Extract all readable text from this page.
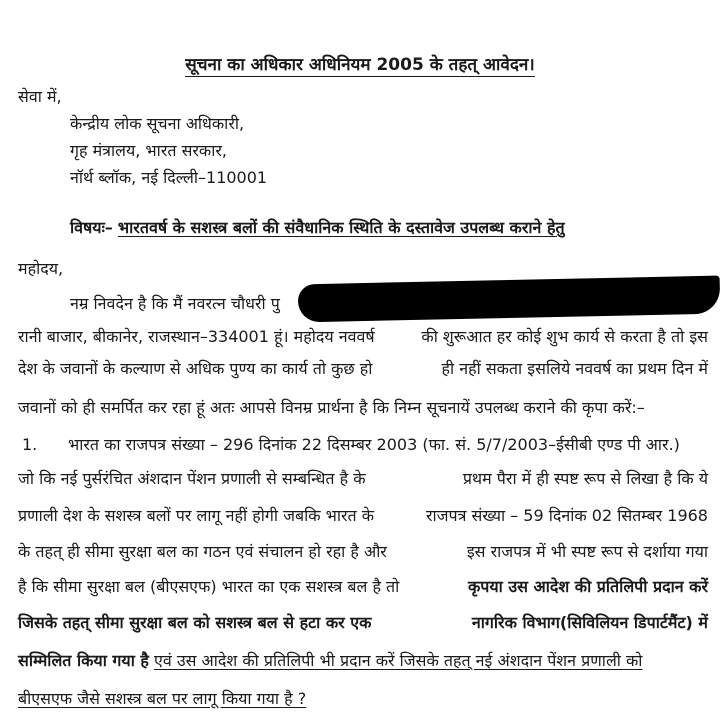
सूचना का अधिकार अधिनियम 2005 के तहत् आवेदन।
सेवा में,
केन्द्रीय लोक सूचना अधिकारी,
गृह मंत्रालय, भारत सरकार,
नॉर्थ ब्लॉक, नई दिल्ली–110001
विषयः– भारतवर्ष के सशस्त्र बलों की संवैधानिक स्थिति के दस्तावेज उपलब्ध कराने हेतु
महोदय,
नम्र निवदेन है कि मैं नवरत्न चौधरी पु
रानी बाजार, बीकानेर, राजस्थान–334001 हूं। महोदय नववर्ष	की शुरूआत हर कोई शुभ कार्य से करता है तो इस
देश के जवानों के कल्याण से अधिक पुण्य का कार्य तो कुछ हो	ही नहीं सकता इसलिये नववर्ष का प्रथम दिन में
जवानों को ही समर्पित कर रहा हूं अतः आपसे विनम्र प्रार्थना है कि निम्न सूचनायें उपलब्ध कराने की कृपा करें:–
1. भारत का राजपत्र संख्या – 296 दिनांक 22 दिसम्बर 2003 (फा. सं. 5/7/2003–ईसीबी एण्ड पी आर.)
जो कि नई पुर्सरंचित अंशदान पेंशन प्रणाली से सम्बन्धित है के	प्रथम पैरा में ही स्पष्ट रूप से लिखा है कि ये
प्रणाली देश के सशस्त्र बलों पर लागू नहीं होगी जबकि भारत के	राजपत्र संख्या – 59 दिनांक 02 सितम्बर 1968
के तहत् ही सीमा सुरक्षा बल का गठन एवं संचालन हो रहा है और	इस राजपत्र में भी स्पष्ट रूप से दर्शाया गया
है कि सीमा सुरक्षा बल (बीएसएफ) भारत का एक सशस्त्र बल है तो	कृपया उस आदेश की प्रतिलिपी प्रदान करें
जिसके तहत् सीमा सुरक्षा बल को सशस्त्र बल से हटा कर एक	नागरिक विभाग(सिविलियन डिपार्टमैंट) में
सम्मिलित किया गया है एवं उस आदेश की प्रतिलिपी भी प्रदान करें जिसके तहत् नई अंशदान पेंशन प्रणाली को
बीएसएफ जैसे सशस्त्र बल पर लागू किया गया है ?
